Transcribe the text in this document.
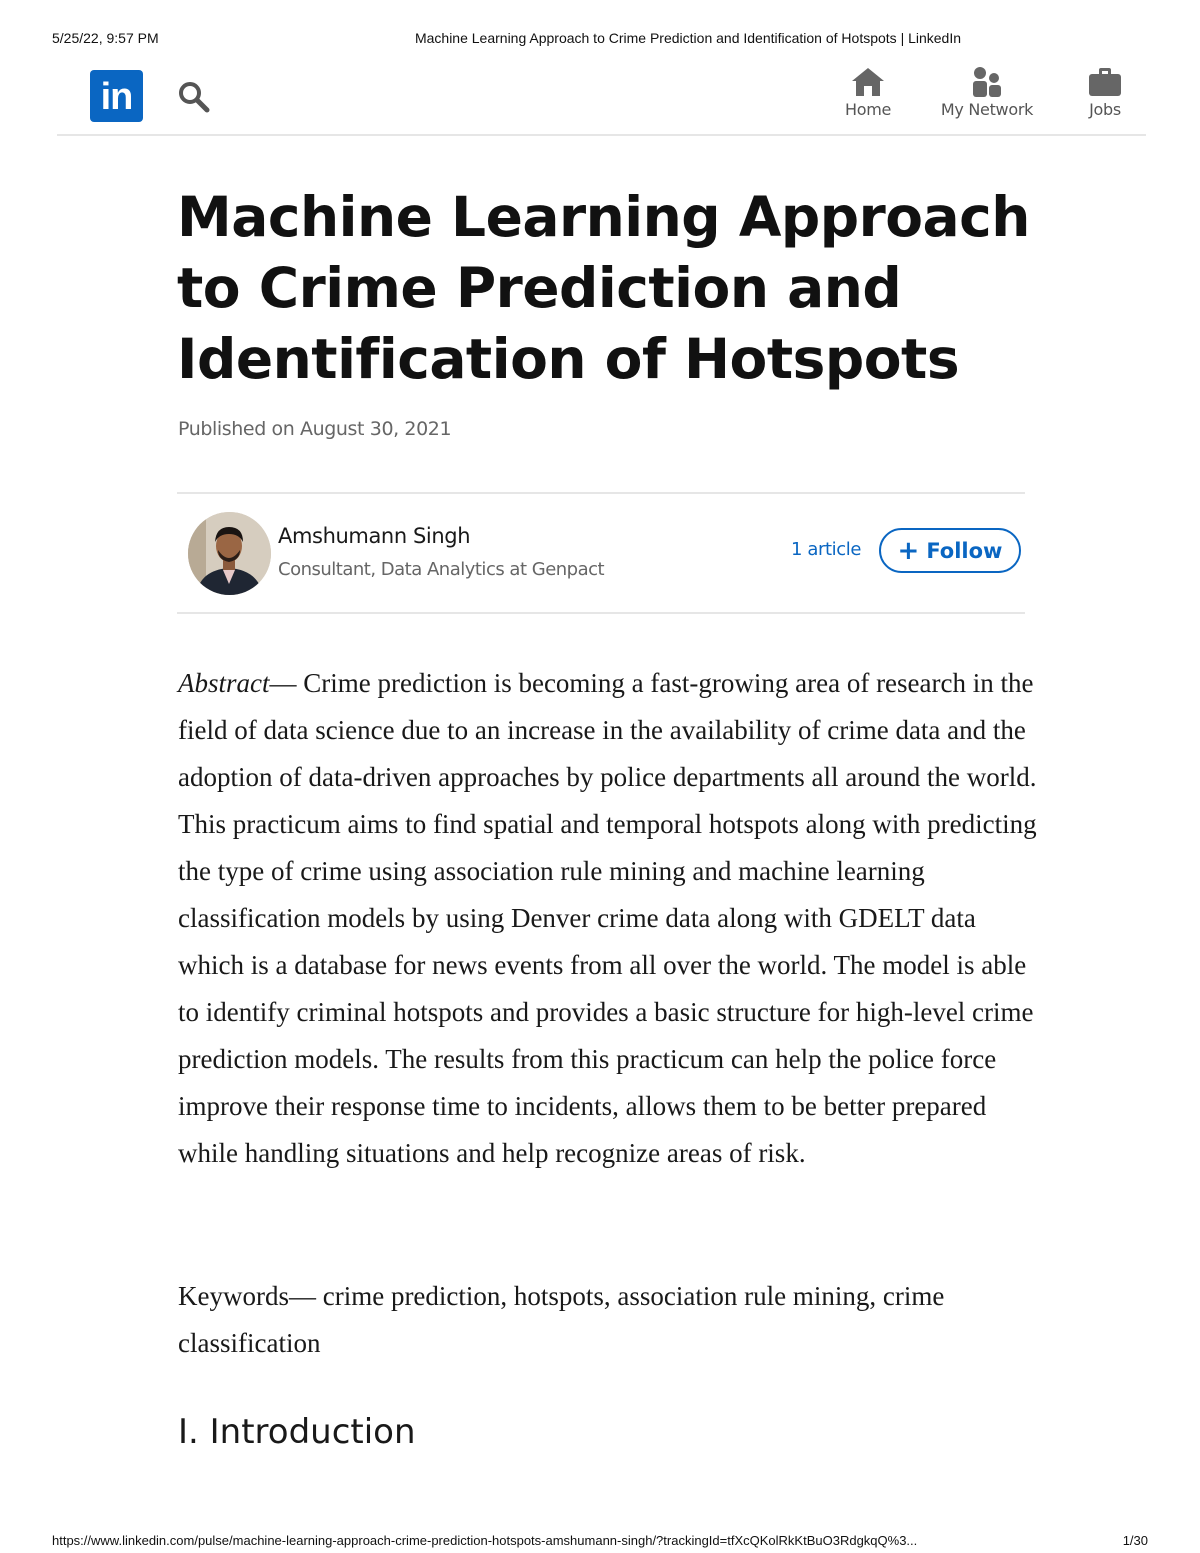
5/25/22, 9:57 PM	Machine Learning Approach to Crime Prediction and Identification of Hotspots | LinkedIn
in	Home	My Network	Jobs
Machine Learning Approach to Crime Prediction and Identification of Hotspots
Published on August 30, 2021
Amshumann Singh
Consultant, Data Analytics at Genpact
1 article + Follow

Abstract— Crime prediction is becoming a fast-growing area of research in the field of data science due to an increase in the availability of crime data and the adoption of data-driven approaches by police departments all around the world. This practicum aims to find spatial and temporal hotspots along with predicting the type of crime using association rule mining and machine learning classification models by using Denver crime data along with GDELT data which is a database for news events from all over the world. The model is able to identify criminal hotspots and provides a basic structure for high-level crime prediction models. The results from this practicum can help the police force improve their response time to incidents, allows them to be better prepared while handling situations and help recognize areas of risk.

Keywords— crime prediction, hotspots, association rule mining, crime classification

I. Introduction
https://www.linkedin.com/pulse/machine-learning-approach-crime-prediction-hotspots-amshumann-singh/?trackingId=tfXcQKolRkKtBuO3RdgkqQ%3...	1/30
